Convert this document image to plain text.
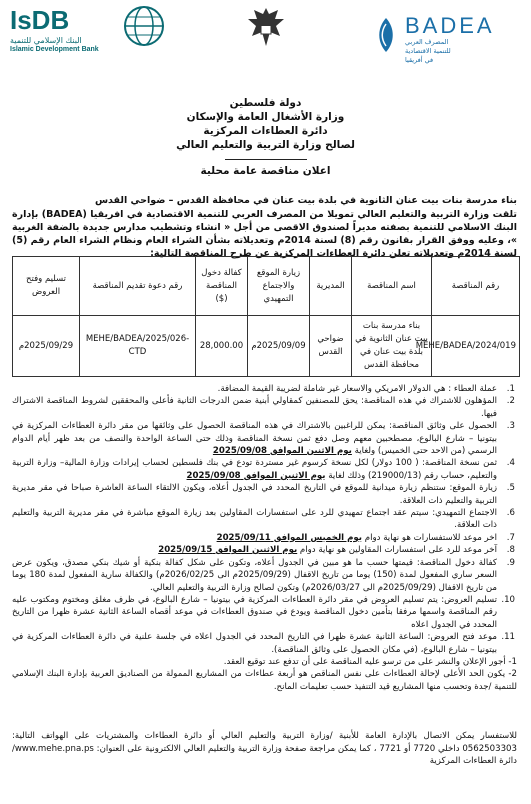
IsDB
البنك الإسلامي للتنمية
Islamic Development Bank
BADEA
المصرف العربي
للتنمية الاقتصادية
في أفريقيا
دولة فلسطين
وزارة الأشغال العامة والإسكان
دائرة العطاءات المركزية
لصالح وزارة التربية والتعليم العالي
اعلان مناقصة عامة محلية
بناء مدرسة بنات بيت عنان الثانوية في بلدة بيت عنان في محافظة القدس – ضواحي القدس
تلقت وزارة التربية والتعليم العالي تمويلا من المصرف العربي للتنمية الاقتصادية في افريقيا (BADEA) بإدارة البنك الاسلامي للتنمية بصفته مديراً لصندوق الاقصى من أجل « انشاء وتشطيب مدارس جديدة بالضفة الغربية »، وعليه ووفق القرار بقانون رقم (8) لسنة 2014م وتعديلاته بشأن الشراء العام ونظام الشراء العام رقم (5) لسنة 2014م وتعديلاته تعلن دائرة العطاءات المركزية عن طرح المناقصة التالية:
رقم المناقصة	اسم المناقصة	المديرية	زيارة الموقع والاجتماع التمهيدي	كفالة دخول المناقصة ($)	رقم دعوة تقديم المناقصة	تسليم وفتح العروض
MEHE/BADEA/2024/019	بناء مدرسة بنات بيت عنان الثانوية في بلدة بيت عنان في محافظة القدس	ضواحي القدس	2025/09/09م	28,000.00	MEHE/BADEA/2025/026-CTD	2025/09/29م
1.
عملة العطاء : هي الدولار الامريكي والاسعار غير شاملة لضريبة القيمة المضافة.
2.
المؤهلون للاشتراك في هذه المناقصة: يحق للمصنفين كمقاولي أبنية ضمن الدرجات الثانية فأعلى والمحققين لشروط المناقصة الاشتراك فيها.
3.
الحصول على وثائق المناقصة: يمكن للراغبين بالاشتراك في هذه المناقصة الحصول على وثائقها من مقر دائرة العطاءات المركزية في بيتونيا – شارع البالوع، مصطحبين معهم وصل دفع ثمن نسخة المناقصة وذلك حتى الساعة الواحدة والنصف من بعد ظهر أيام الدوام الرسمي (من الاحد حتى الخميس) ولغاية يوم الاثنين الموافق 2025/09/08
4.
ثمن نسخة المناقصة: ( 100 دولار) لكل نسخة كرسوم غير مستردة تودع في بنك فلسطين لحساب إيرادات وزارة المالية– وزارة التربية والتعليم، حساب رقم (219000/13) وذلك لغاية يوم الاثنين الموافق 2025/09/08
5.
زيارة الموقع: ستنظم زيارة ميدانية للموقع في التاريخ المحدد في الجدول أعلاه، ويكون الالتقاء الساعة العاشرة صباحا في مقر مديرية التربية والتعليم ذات العلاقة.
6.
الاجتماع التمهيدي: سيتم عقد اجتماع تمهيدي للرد على استفسارات المقاولين بعد زيارة الموقع مباشرة في مقر مديرية التربية والتعليم ذات العلاقة.
7.
اخر موعد للاستفسارات هو نهاية دوام يوم الخميس الموافق 2025/09/11
8.
آخر موعد للرد على استفسارات المقاولين هو نهاية دوام يوم الاثنين الموافق 2025/09/15
9.
كفالة دخول المناقصة: قيمتها حسب ما هو مبين في الجدول أعلاه، وتكون على شكل كفالة بنكية أو شيك بنكي مصدق، ويكون عرض السعر ساري المفعول لمدة (150) يوما من تاريخ الاقفال (2025/09/29م الى 2026/02/25م) والكفالة سارية المفعول لمدة 180 يوما من تاريخ الاقفال (2025/09/29م الى 2026/03/27م) وتكون لصالح وزارة التربية والتعليم العالي.
10.
تسليم العروض: يتم تسليم العروض في مقر دائرة العطاءات المركزية في بيتونيا – شارع البالوع، في ظرف مغلق ومختوم ومكتوب عليه رقم المناقصة واسمها مرفقا بتأمين دخول المناقصة ويودع في صندوق العطاءات في موعد أقصاه الساعة الثانية عشرة ظهرا من التاريخ المحدد في الجدول اعلاه
11.
موعد فتح العروض: الساعة الثانية عشرة ظهرا في التاريخ المحدد في الجدول اعلاه في جلسة علنية في دائرة العطاءات المركزية في بيتونيا – شارع البالوع، (في مكان الحصول على وثائق المناقصة).
1- أجور الإعلان والنشر على من ترسو عليه المناقصة على أن تدفع عند توقيع العقد.
2- يكون الحد الأعلى لإحالة العطاءات على نفس المناقص هو أربعة عطاءات من المشاريع الممولة من الصناديق العربية بإدارة البنك الإسلامي للتنمية /جدة وتحسب منها المشاريع قيد التنفيذ حسب تعليمات المانح.
للاستفسار يمكن الاتصال بالإدارة العامة للأبنية /وزارة التربية والتعليم العالي أو دائرة العطاءات والمشتريات على الهواتف التالية: 0562503303 داخلي 7720 أو 7721 ، كما يمكن مراجعة صفحة وزارة التربية والتعليم العالي الالكترونية على العنوان: www.mehe.pna.ps/ دائرة العطاءات المركزية
